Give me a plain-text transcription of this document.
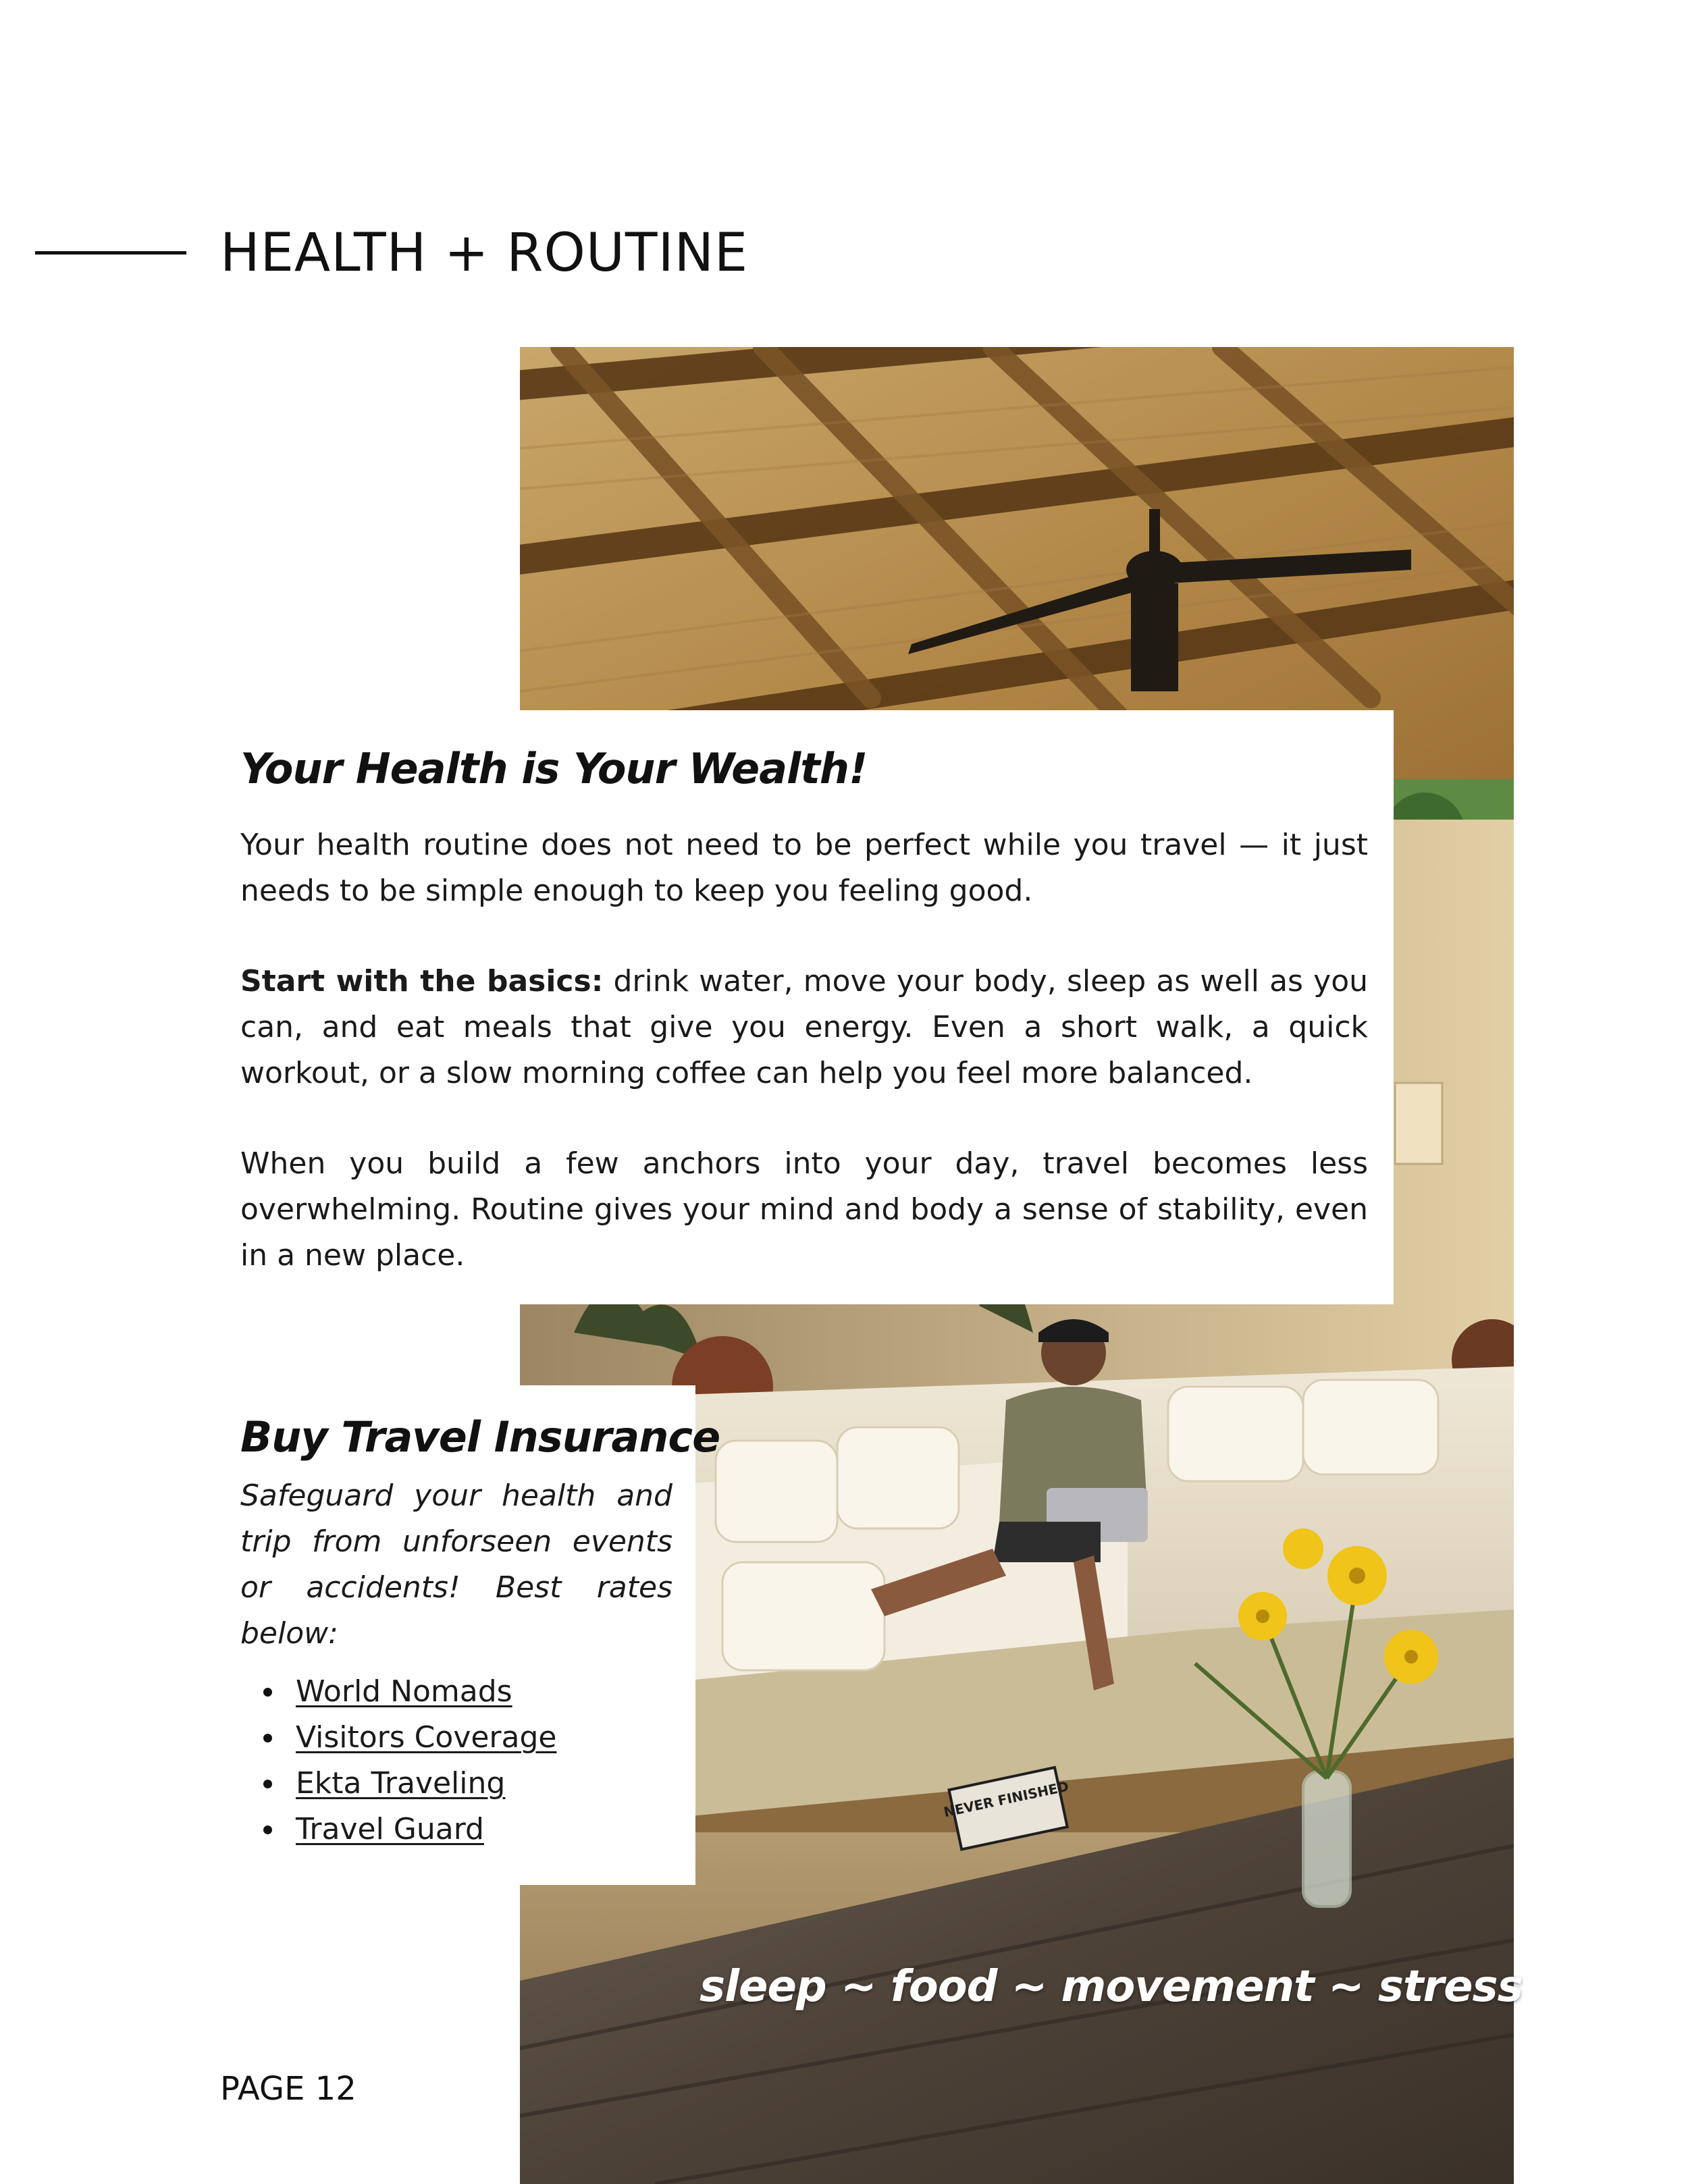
HEALTH + ROUTINE
NEVER FINISHED
Your Health is Your Wealth!

Your health routine does not need to be perfect while you travel — it just needs to be simple enough to keep you feeling good.

Start with the basics: drink water, move your body, sleep as well as you can, and eat meals that give you energy. Even a short walk, a quick workout, or a slow morning coffee can help you feel more balanced.

When you build a few anchors into your day, travel becomes less overwhelming. Routine gives your mind and body a sense of stability, even in a new place.

Buy Travel Insurance

Safeguard your health and trip from unforseen events or accidents! Best rates below:

World Nomads
Visitors Coverage
Ekta Traveling
Travel Guard
sleep ~ food ~ movement ~ stress
PAGE 12
